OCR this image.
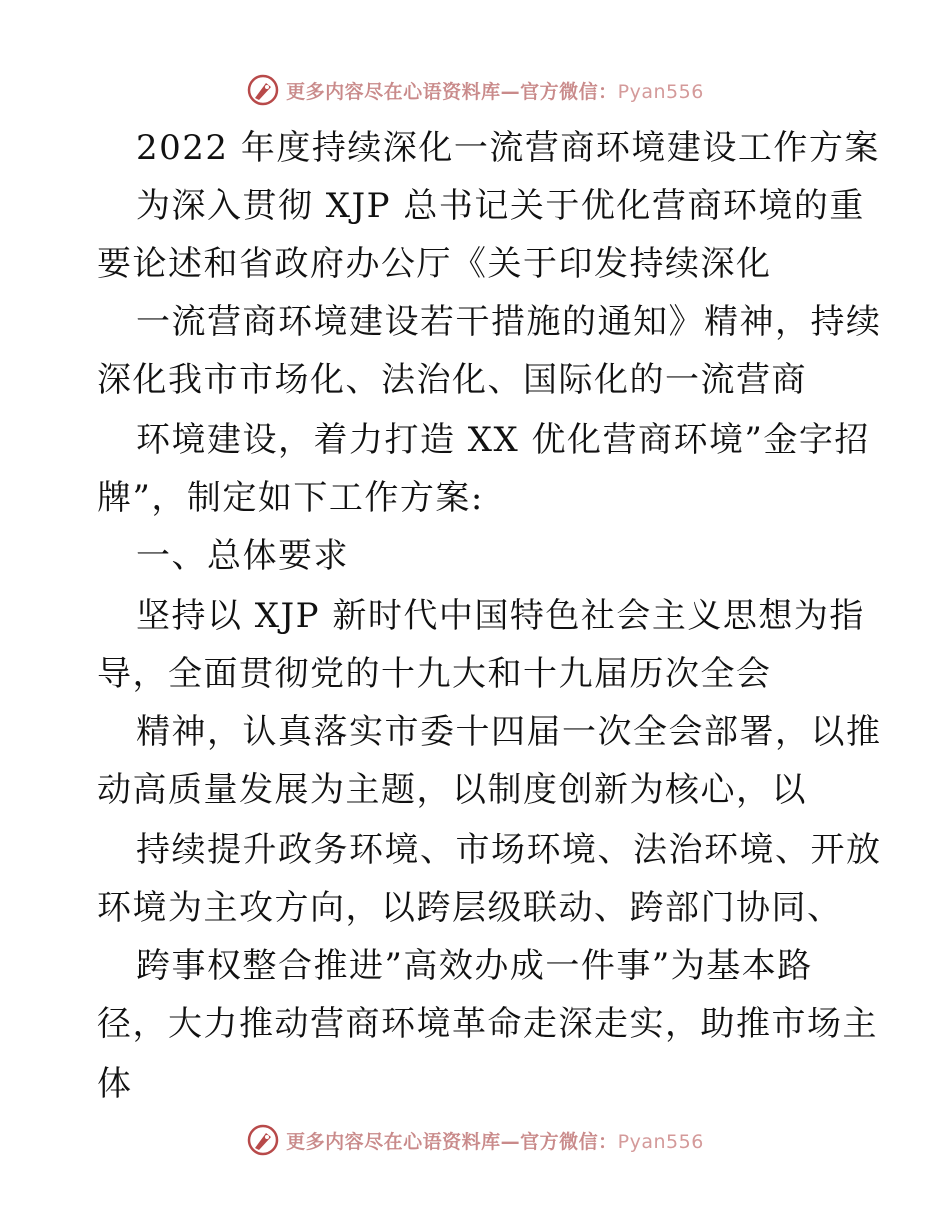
更多内容尽在心语资料库—官方微信：Pyan556
2022 年度持续深化一流营商环境建设工作方案
为深入贯彻 XJP 总书记关于优化营商环境的重
要论述和省政府办公厅《关于印发持续深化
一流营商环境建设若干措施的通知》精神，持续
深化我市市场化、法治化、国际化的一流营商
环境建设，着力打造 XX 优化营商环境”金字招
牌”，制定如下工作方案:
一、总体要求
坚持以 XJP 新时代中国特色社会主义思想为指
导，全面贯彻党的十九大和十九届历次全会
精神，认真落实市委十四届一次全会部署，以推
动高质量发展为主题，以制度创新为核心，以
持续提升政务环境、市场环境、法治环境、开放
环境为主攻方向，以跨层级联动、跨部门协同、
跨事权整合推进”高效办成一件事”为基本路
径，大力推动营商环境革命走深走实，助推市场主
体
更多内容尽在心语资料库—官方微信：Pyan556
